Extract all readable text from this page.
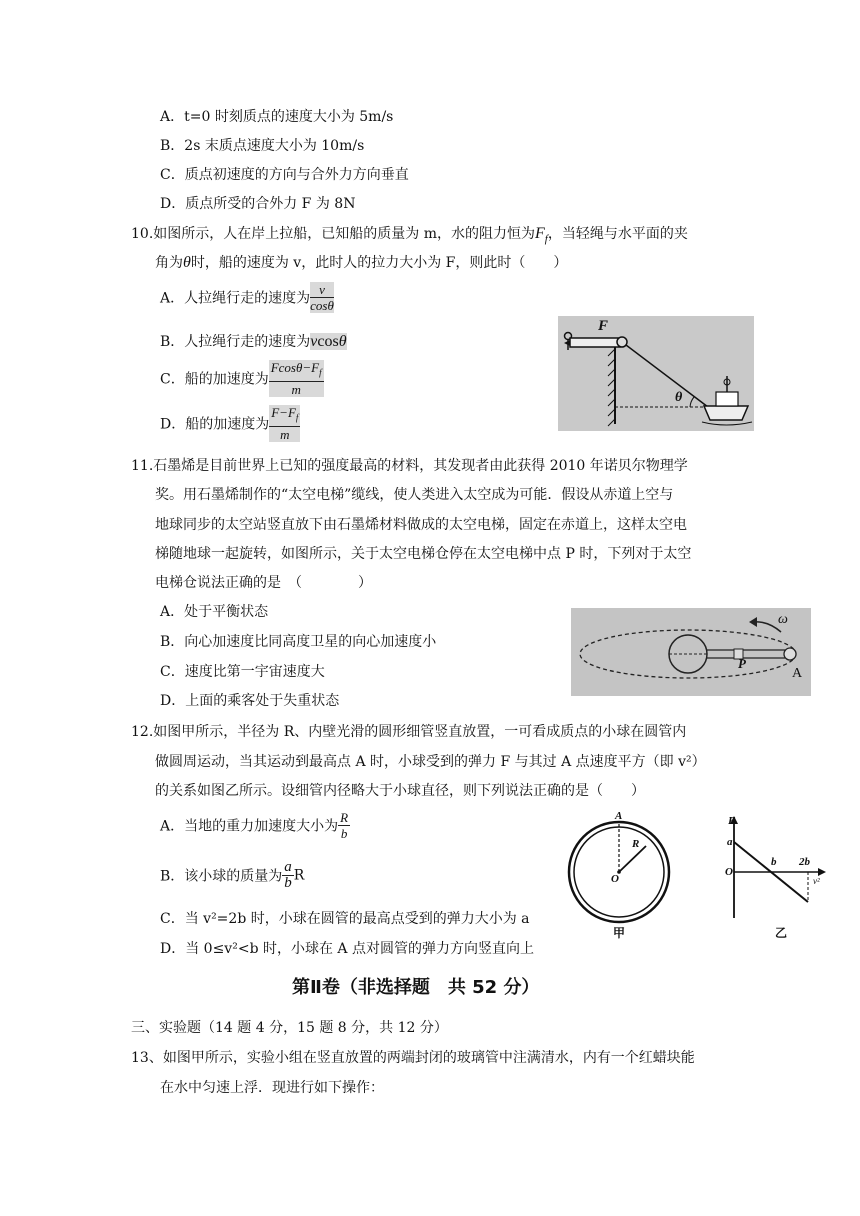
A．t=0 时刻质点的速度大小为 5m/s
B．2s 末质点速度大小为 10m/s
C．质点初速度的方向与合外力方向垂直
D．质点所受的合外力 F 为 8N
10.如图所示，人在岸上拉船，已知船的质量为 m，水的阻力恒为$F_f$，当轻绳与水平面的夹
角为θ时，船的速度为 v，此时人的拉力大小为 F，则此时（　　）
A．人拉绳行走的速度为 $\frac{v}{\cos\theta}$
B．人拉绳行走的速度为vcosθ
C．船的加速度为 $\frac{Fcos\theta-F_f}{m}$
D．船的加速度为 $\frac{F-F_f}{m}$
F
θ
11.石墨烯是目前世界上已知的强度最高的材料，其发现者由此获得 2010 年诺贝尔物理学
奖。用石墨烯制作的“太空电梯”缆线，使人类进入太空成为可能．假设从赤道上空与
地球同步的太空站竖直放下由石墨烯材料做成的太空电梯，固定在赤道上，这样太空电
梯随地球一起旋转，如图所示，关于太空电梯仓停在太空电梯中点 P 时，下列对于太空
电梯仓说法正确的是　（　　　　）
A．处于平衡状态
B．向心加速度比同高度卫星的向心加速度小
C．速度比第一宇宙速度大
D．上面的乘客处于失重状态
ω
P
A
12.如图甲所示，半径为 R、内壁光滑的圆形细管竖直放置，一可看成质点的小球在圆管内
做圆周运动，当其运动到最高点 A 时，小球受到的弹力 F 与其过 A 点速度平方（即 v²）
的关系如图乙所示。设细管内径略大于小球直径，则下列说法正确的是（　　）
A．当地的重力加速度大小为 $\frac{R}{b}$
B．该小球的质量为 $\frac{a}{b}$ R
C．当 v²=2b 时，小球在圆管的最高点受到的弹力大小为 a
D．当 0≤v²<b 时，小球在 A 点对圆管的弹力方向竖直向上
A
R
O
甲
F
a
O
b 2b
v²
乙
第Ⅱ卷（非选择题　共 52 分）
三、实验题（14 题 4 分，15 题 8 分，共 12 分）
13、如图甲所示，实验小组在竖直放置的两端封闭的玻璃管中注满清水，内有一个红蜡块能
在水中匀速上浮．现进行如下操作：
